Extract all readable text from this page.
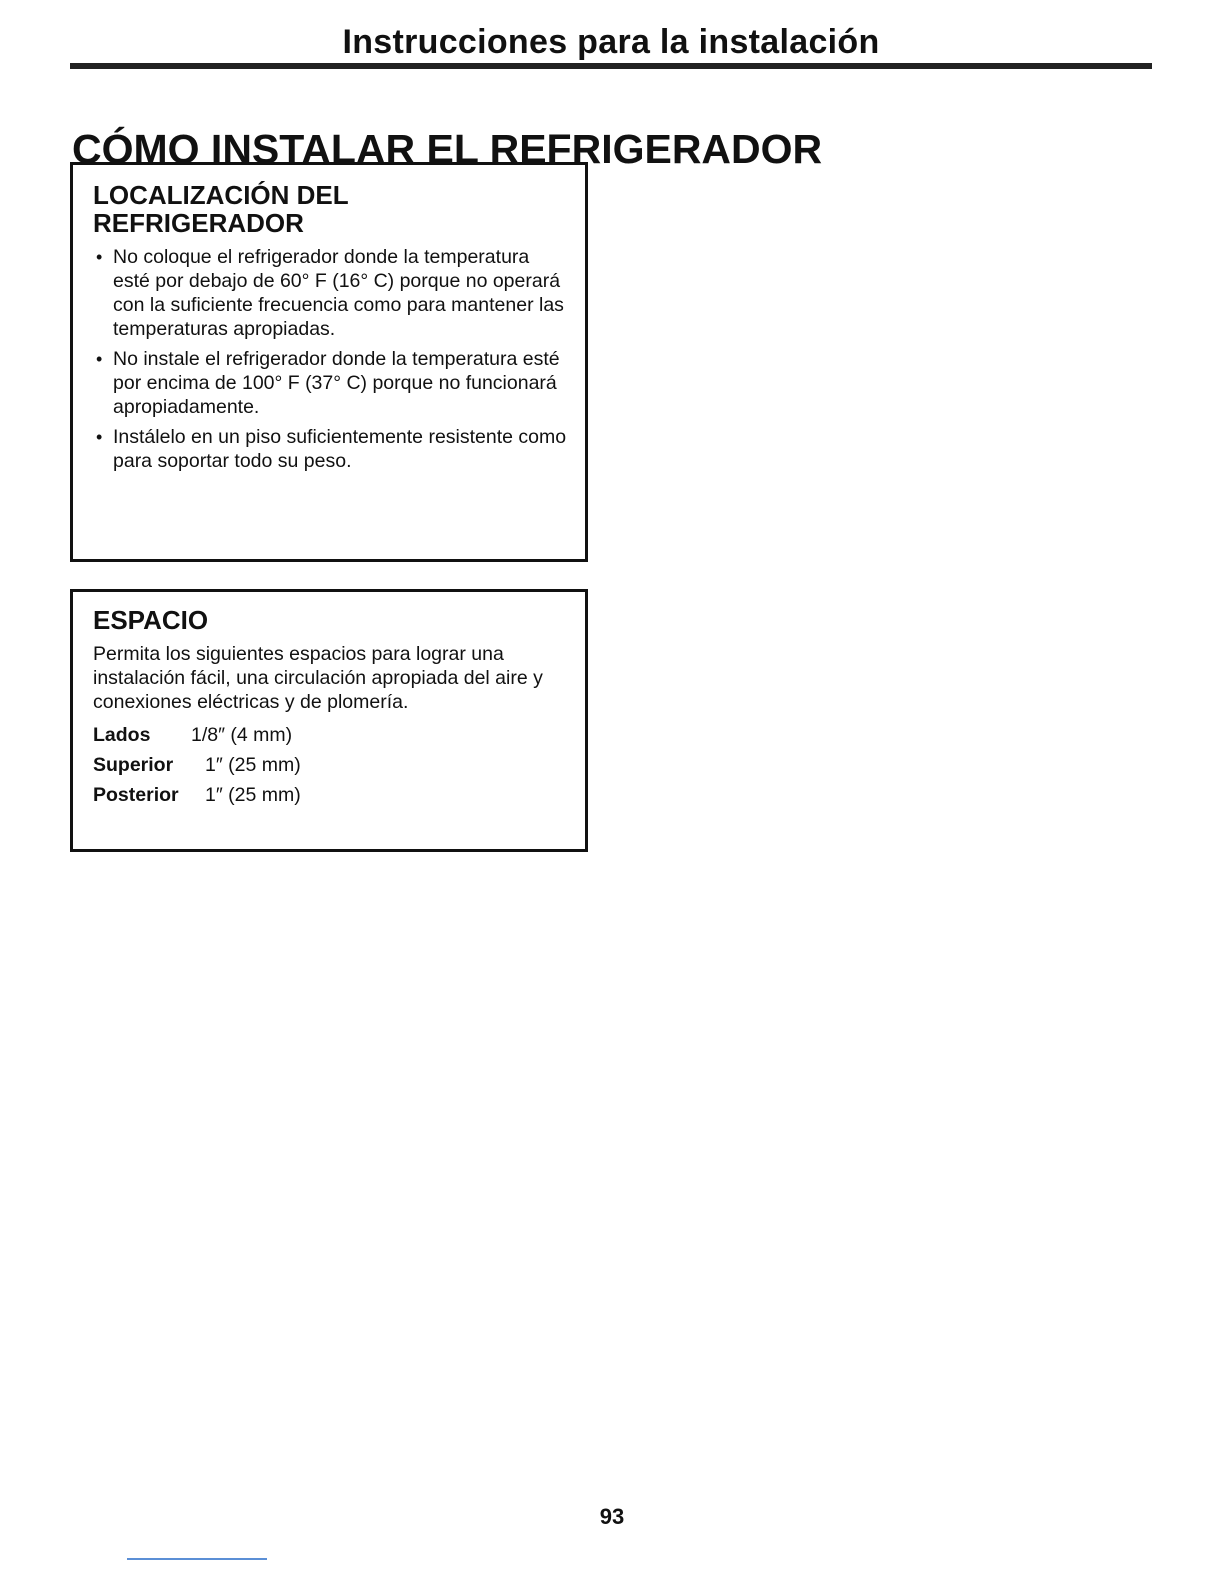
Instrucciones para la instalación
CÓMO INSTALAR EL REFRIGERADOR
LOCALIZACIÓN DEL
REFRIGERADOR
• No coloque el refrigerador donde la temperatura esté por debajo de 60° F (16° C) porque no operará con la suficiente frecuencia como para mantener las temperaturas apropiadas.
• No instale el refrigerador donde la temperatura esté por encima de 100° F (37° C) porque no funcionará apropiadamente.
• Instálelo en un piso suficientemente resistente como para soportar todo su peso.
ESPACIO

Permita los siguientes espacios para lograr una instalación fácil, una circulación apropiada del aire y conexiones eléctricas y de plomería.

Lados	1/8″ (4 mm)
Superior	1″ (25 mm)
Posterior	1″ (25 mm)
93
